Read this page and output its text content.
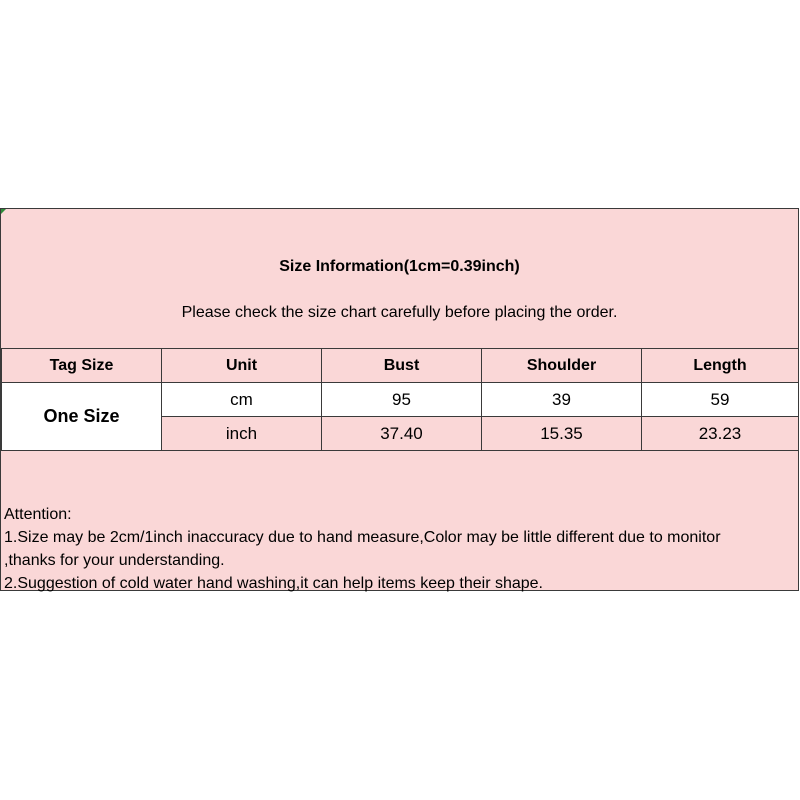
Size Information(1cm=0.39inch)
Please check the size chart carefully before placing the order.
Tag Size	Unit	Bust	Shoulder	Length
One Size	cm	95	39	59
	inch	37.40	15.35	23.23
Attention:
1.Size may be 2cm/1inch inaccuracy due to hand measure,Color may be little different due to monitor
,thanks for your understanding.
2.Suggestion of cold water hand washing,it can help items keep their shape.
